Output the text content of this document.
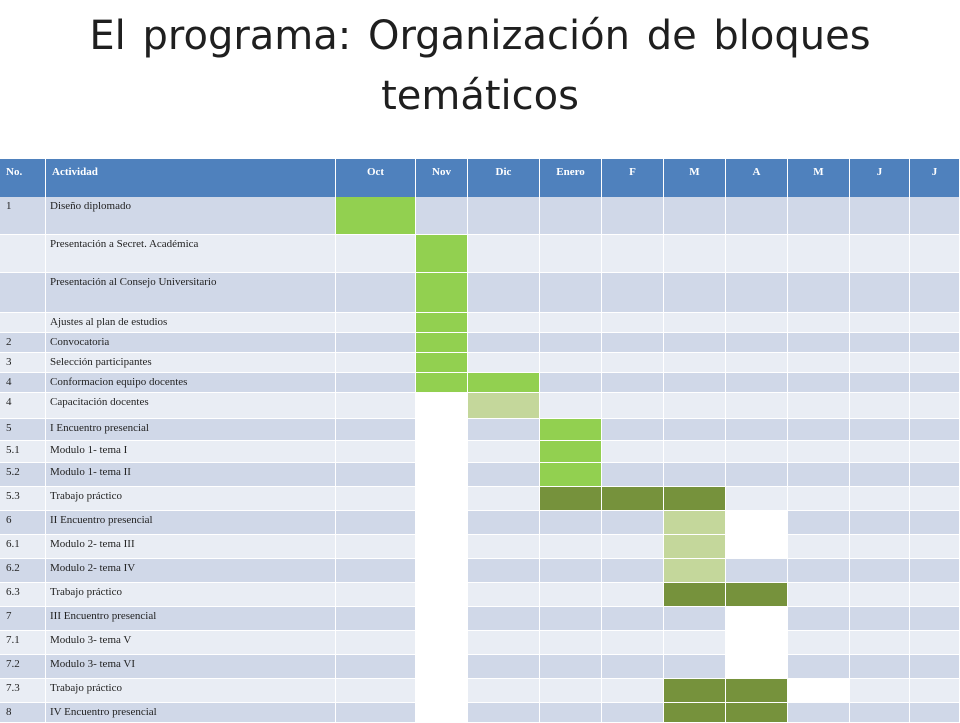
El programa: Organización de bloques
temáticos
No.	Actividad	Oct	Nov	Dic	Enero	F	M	A	M	J	J
1	Diseño diplomado
Presentación a Secret. Académica
Presentación al Consejo Universitario
Ajustes al plan de estudios
2	Convocatoria
3	Selección participantes
4	Conformacion equipo docentes
4	Capacitación docentes
5	I Encuentro presencial
5.1	Modulo 1- tema I
5.2	Modulo 1- tema II
5.3	Trabajo práctico
6	II Encuentro presencial
6.1	Modulo 2- tema III
6.2	Modulo 2- tema IV
6.3	Trabajo práctico
7	III Encuentro presencial
7.1	Modulo 3- tema V
7.2	Modulo 3- tema VI
7.3	Trabajo práctico
8	IV Encuentro presencial
